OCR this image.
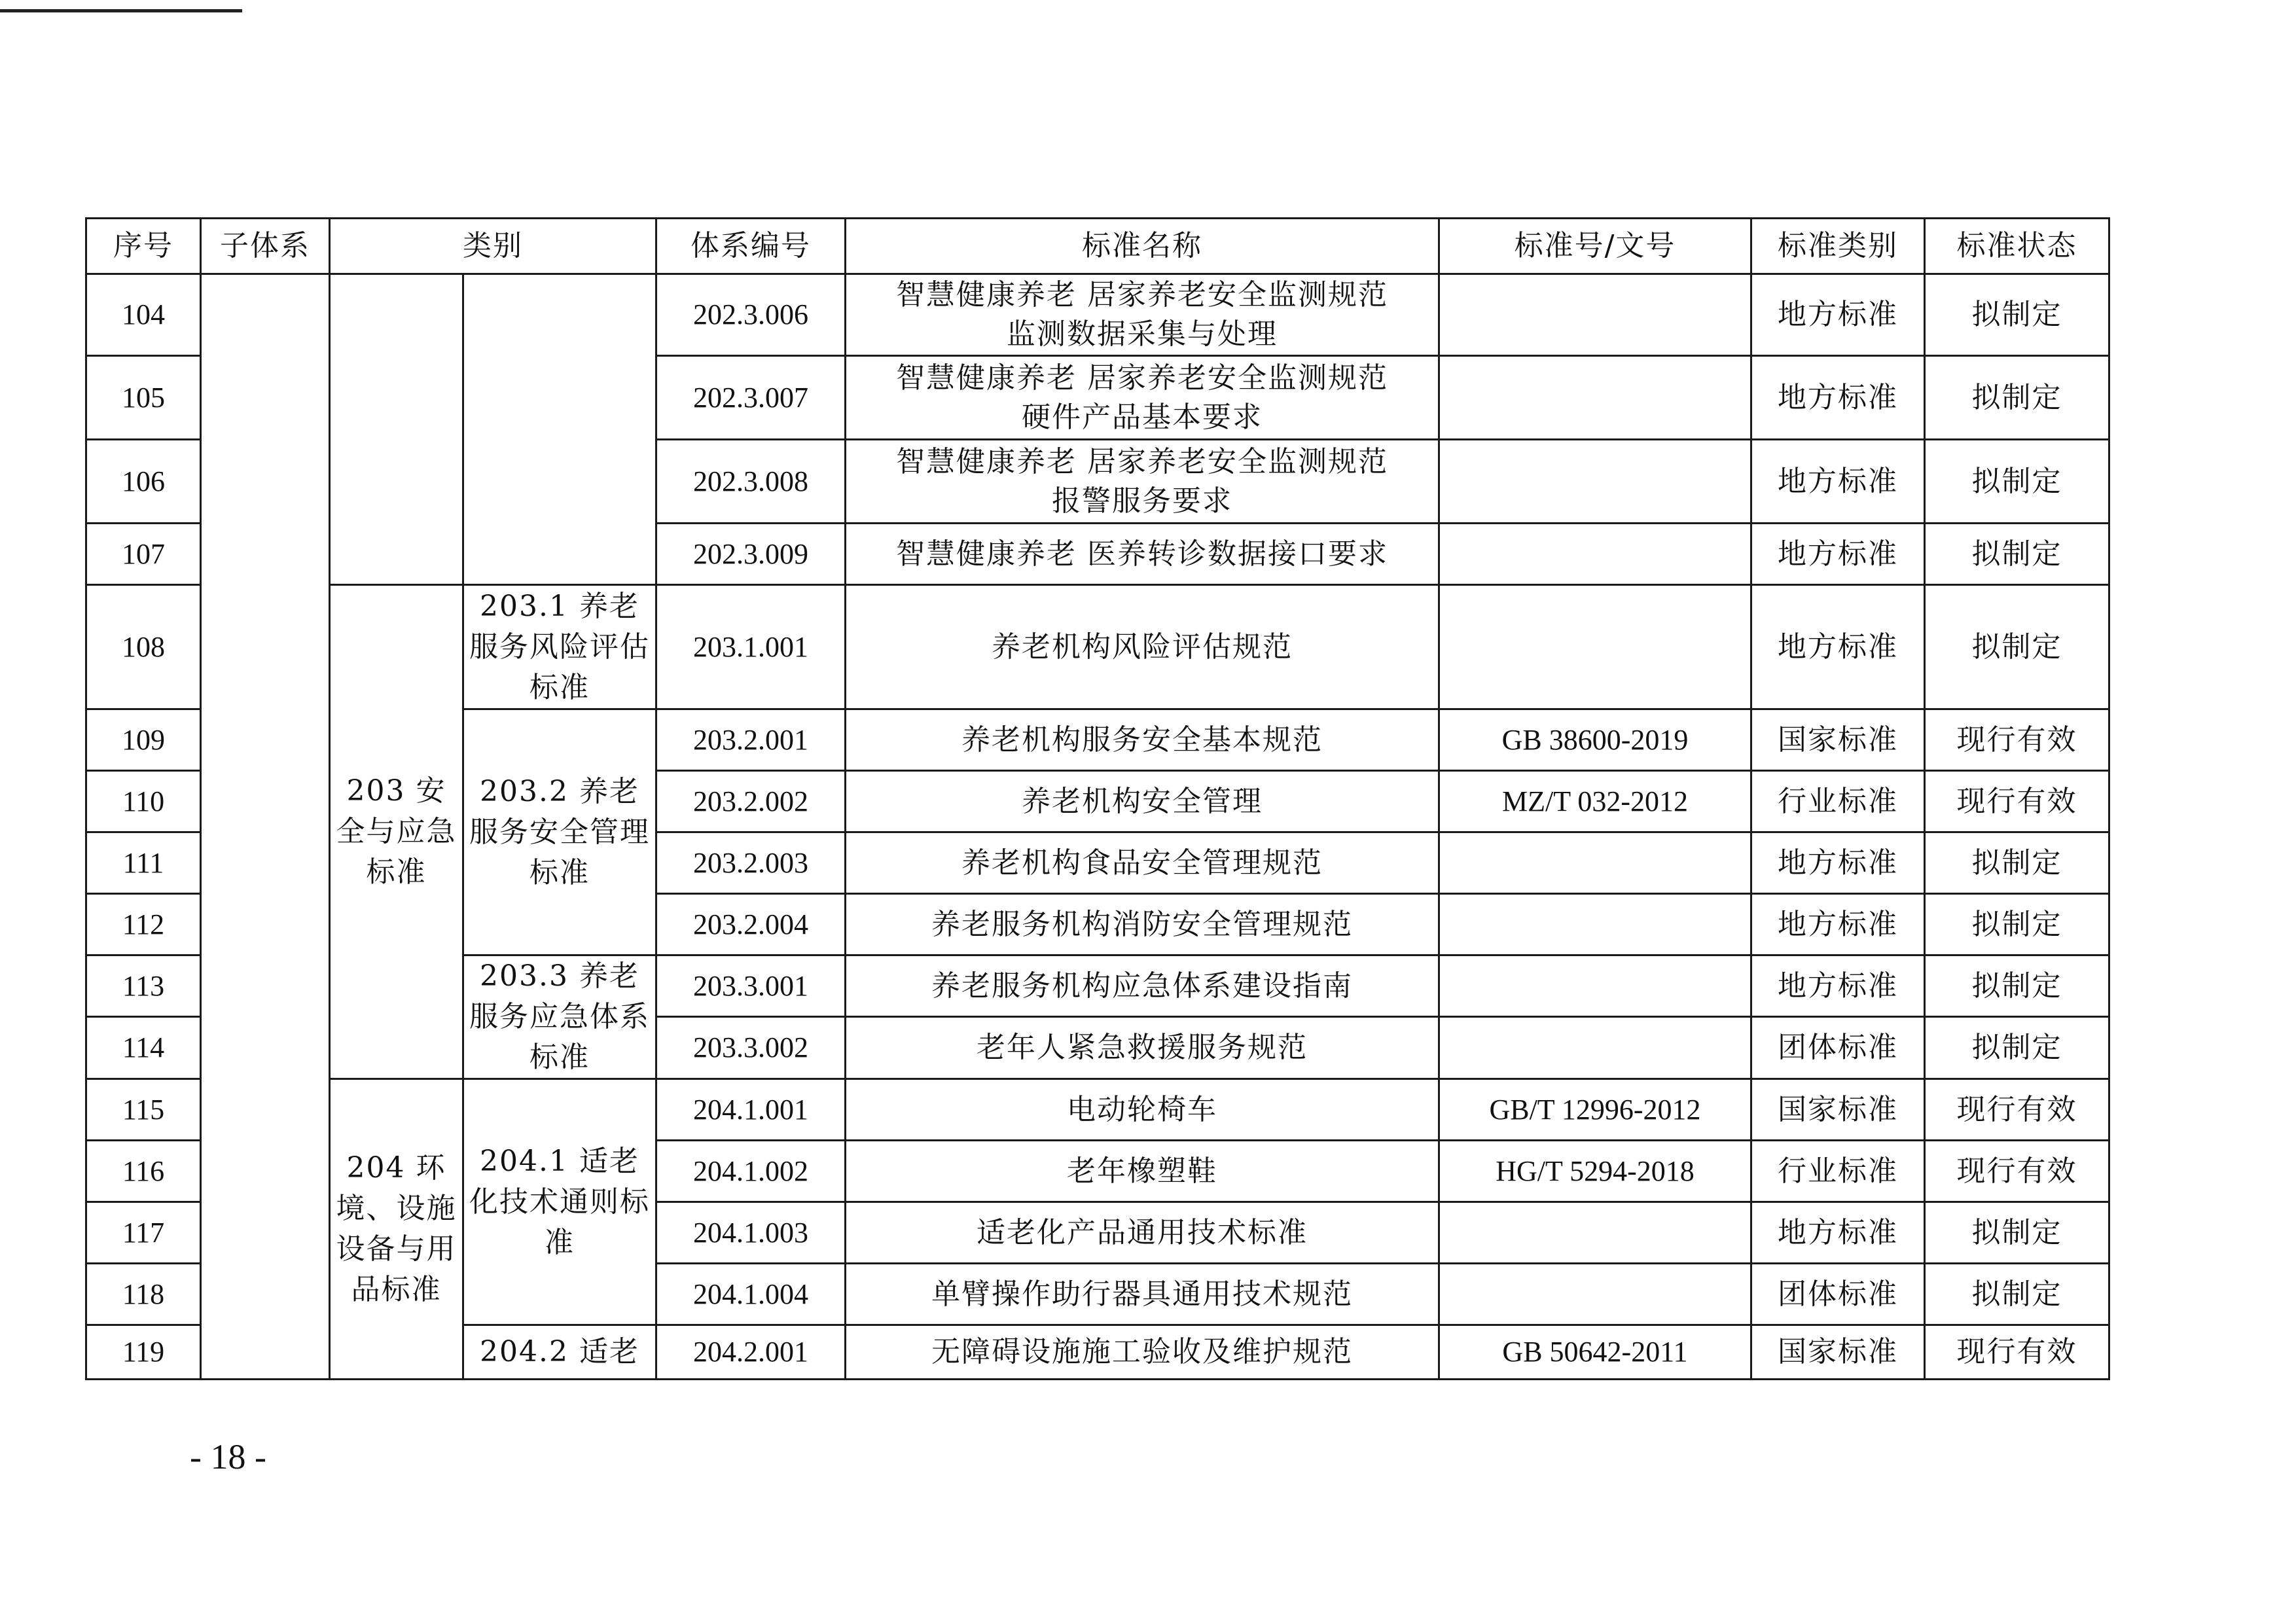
序号	子体系	类别		体系编号	标准名称	标准号/文号	标准类别	标准状态
104				202.3.006	智慧健康养老 居家养老安全监测规范
监测数据采集与处理		地方标准	拟制定
105				202.3.007	智慧健康养老 居家养老安全监测规范
硬件产品基本要求		地方标准	拟制定
106				202.3.008	智慧健康养老 居家养老安全监测规范
报警服务要求		地方标准	拟制定
107				202.3.009	智慧健康养老 医养转诊数据接口要求		地方标准	拟制定
108		203 安全与应急标准	203.1 养老服务风险评估标准	203.1.001	养老机构风险评估规范		地方标准	拟制定
109			203.2 养老服务安全管理标准	203.2.001	养老机构服务安全基本规范	GB 38600-2019	国家标准	现行有效
110				203.2.002	养老机构安全管理	MZ/T 032-2012	行业标准	现行有效
111				203.2.003	养老机构食品安全管理规范		地方标准	拟制定
112				203.2.004	养老服务机构消防安全管理规范		地方标准	拟制定
113			203.3 养老服务应急体系标准	203.3.001	养老服务机构应急体系建设指南		地方标准	拟制定
114				203.3.002	老年人紧急救援服务规范		团体标准	拟制定
115		204 环境、设施设备与用品标准	204.1 适老化技术通则标准	204.1.001	电动轮椅车	GB/T 12996-2012	国家标准	现行有效
116				204.1.002	老年橡塑鞋	HG/T 5294-2018	行业标准	现行有效
117				204.1.003	适老化产品通用技术标准		地方标准	拟制定
118				204.1.004	单臂操作助行器具通用技术规范		团体标准	拟制定
119			204.2 适老	204.2.001	无障碍设施施工验收及维护规范	GB 50642-2011	国家标准	现行有效
- 18 -
